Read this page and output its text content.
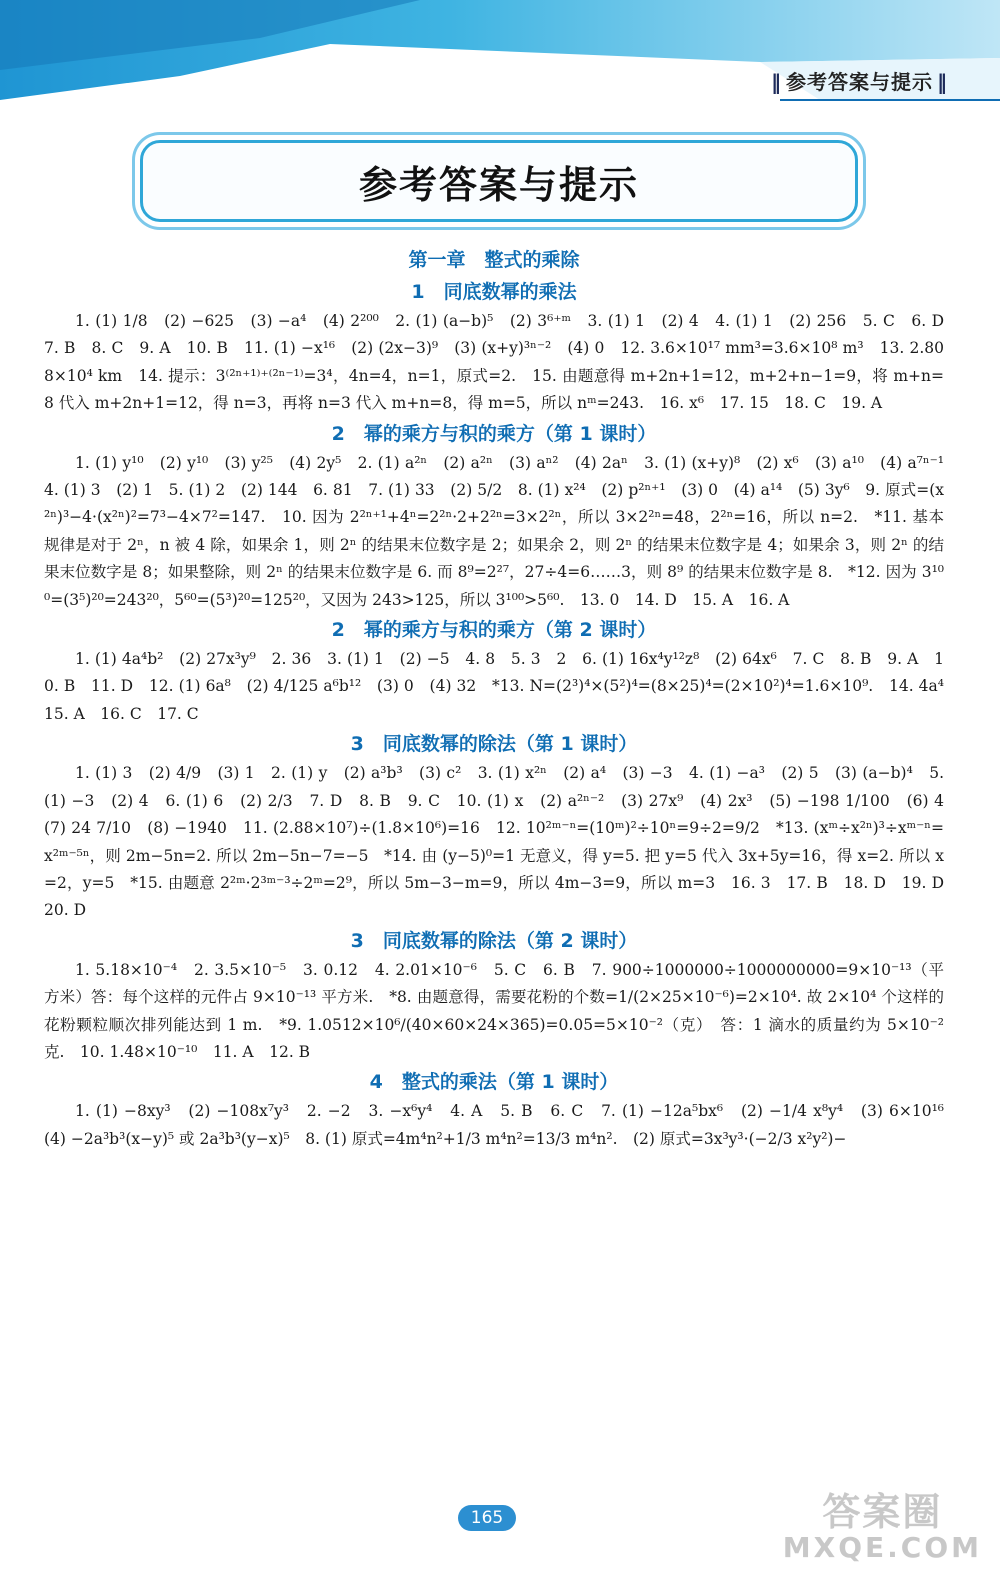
‖ 参考答案与提示 ‖
参考答案与提示

第一章　整式的乘除

1　同底数幂的乘法

1. (1) 1/8　(2) −625　(3) −a⁴　(4) 2²⁰⁰　2. (1) (a−b)⁵　(2) 3⁶⁺ᵐ　3. (1) 1　(2) 4　4. (1) 1　(2) 256　5. C　6. D　7. B　8. C　9. A　10. B　11. (1) −x¹⁶　(2) (2x−3)⁹　(3) (x+y)³ⁿ⁻²　(4) 0　12. 3.6×10¹⁷ mm³=3.6×10⁸ m³　13. 2.808×10⁴ km　14. 提示：3⁽²ⁿ⁺¹⁾⁺⁽²ⁿ⁻¹⁾=3⁴，4n=4，n=1，原式=2.　15. 由题意得 m+2n+1=12，m+2+n−1=9，将 m+n=8 代入 m+2n+1=12，得 n=3，再将 n=3 代入 m+n=8，得 m=5，所以 nᵐ=243.　16. x⁶　17. 15　18. C　19. A

2　幂的乘方与积的乘方（第 1 课时）

1. (1) y¹⁰　(2) y¹⁰　(3) y²⁵　(4) 2y⁵　2. (1) a²ⁿ　(2) a²ⁿ　(3) aⁿ²　(4) 2aⁿ　3. (1) (x+y)⁸　(2) x⁶　(3) a¹⁰　(4) a⁷ⁿ⁻¹　4. (1) 3　(2) 1　5. (1) 2　(2) 144　6. 81　7. (1) 33　(2) 5/2　8. (1) x²⁴　(2) p²ⁿ⁺¹　(3) 0　(4) a¹⁴　(5) 3y⁶　9. 原式=(x²ⁿ)³−4·(x²ⁿ)²=7³−4×7²=147.　10. 因为 2²ⁿ⁺¹+4ⁿ=2²ⁿ·2+2²ⁿ=3×2²ⁿ，所以 3×2²ⁿ=48，2²ⁿ=16，所以 n=2.　*11. 基本规律是对于 2ⁿ，n 被 4 除，如果余 1，则 2ⁿ 的结果末位数字是 2；如果余 2，则 2ⁿ 的结果末位数字是 4；如果余 3，则 2ⁿ 的结果末位数字是 8；如果整除，则 2ⁿ 的结果末位数字是 6. 而 8⁹=2²⁷，27÷4=6……3，则 8⁹ 的结果末位数字是 8.　*12. 因为 3¹⁰⁰=(3⁵)²⁰=243²⁰，5⁶⁰=(5³)²⁰=125²⁰，又因为 243>125，所以 3¹⁰⁰>5⁶⁰.　13. 0　14. D　15. A　16. A

2　幂的乘方与积的乘方（第 2 课时）

1. (1) 4a⁴b²　(2) 27x³y⁹　2. 36　3. (1) 1　(2) −5　4. 8　5. 3　2　6. (1) 16x⁴y¹²z⁸　(2) 64x⁶　7. C　8. B　9. A　10. B　11. D　12. (1) 6a⁸　(2) 4/125 a⁶b¹²　(3) 0　(4) 32　*13. N=(2³)⁴×(5²)⁴=(8×25)⁴=(2×10²)⁴=1.6×10⁹.　14. 4a⁴　15. A　16. C　17. C

3　同底数幂的除法（第 1 课时）

1. (1) 3　(2) 4/9　(3) 1　2. (1) y　(2) a³b³　(3) c²　3. (1) x²ⁿ　(2) a⁴　(3) −3　4. (1) −a³　(2) 5　(3) (a−b)⁴　5. (1) −3　(2) 4　6. (1) 6　(2) 2/3　7. D　8. B　9. C　10. (1) x　(2) a²ⁿ⁻²　(3) 27x⁹　(4) 2x³　(5) −198 1/100　(6) 4　(7) 24 7/10　(8) −1940　11. (2.88×10⁷)÷(1.8×10⁶)=16　12. 10²ᵐ⁻ⁿ=(10ᵐ)²÷10ⁿ=9÷2=9/2　*13. (xᵐ÷x²ⁿ)³÷xᵐ⁻ⁿ=x²ᵐ⁻⁵ⁿ，则 2m−5n=2. 所以 2m−5n−7=−5　*14. 由 (y−5)⁰=1 无意义，得 y=5. 把 y=5 代入 3x+5y=16，得 x=2. 所以 x=2，y=5　*15. 由题意 2²ᵐ·2³ᵐ⁻³÷2ᵐ=2⁹，所以 5m−3−m=9，所以 4m−3=9，所以 m=3　16. 3　17. B　18. D　19. D　20. D

3　同底数幂的除法（第 2 课时）

1. 5.18×10⁻⁴　2. 3.5×10⁻⁵　3. 0.12　4. 2.01×10⁻⁶　5. C　6. B　7. 900÷1000000÷1000000000=9×10⁻¹³（平方米）答：每个这样的元件占 9×10⁻¹³ 平方米.　*8. 由题意得，需要花粉的个数=1/(2×25×10⁻⁶)=2×10⁴. 故 2×10⁴ 个这样的花粉颗粒顺次排列能达到 1 m.　*9. 1.0512×10⁶/(40×60×24×365)=0.05=5×10⁻²（克）　答：1 滴水的质量约为 5×10⁻² 克.　10. 1.48×10⁻¹⁰　11. A　12. B

4　整式的乘法（第 1 课时）

1. (1) −8xy³　(2) −108x⁷y³　2. −2　3. −x⁶y⁴　4. A　5. B　6. C　7. (1) −12a⁵bx⁶　(2) −1/4 x⁸y⁴　(3) 6×10¹⁶　(4) −2a³b³(x−y)⁵ 或 2a³b³(y−x)⁵　8. (1) 原式=4m⁴n²+1/3 m⁴n²=13/3 m⁴n².　(2) 原式=3x³y³·(−2/3 x²y²)−

165	答案圈
MXQE.COM
